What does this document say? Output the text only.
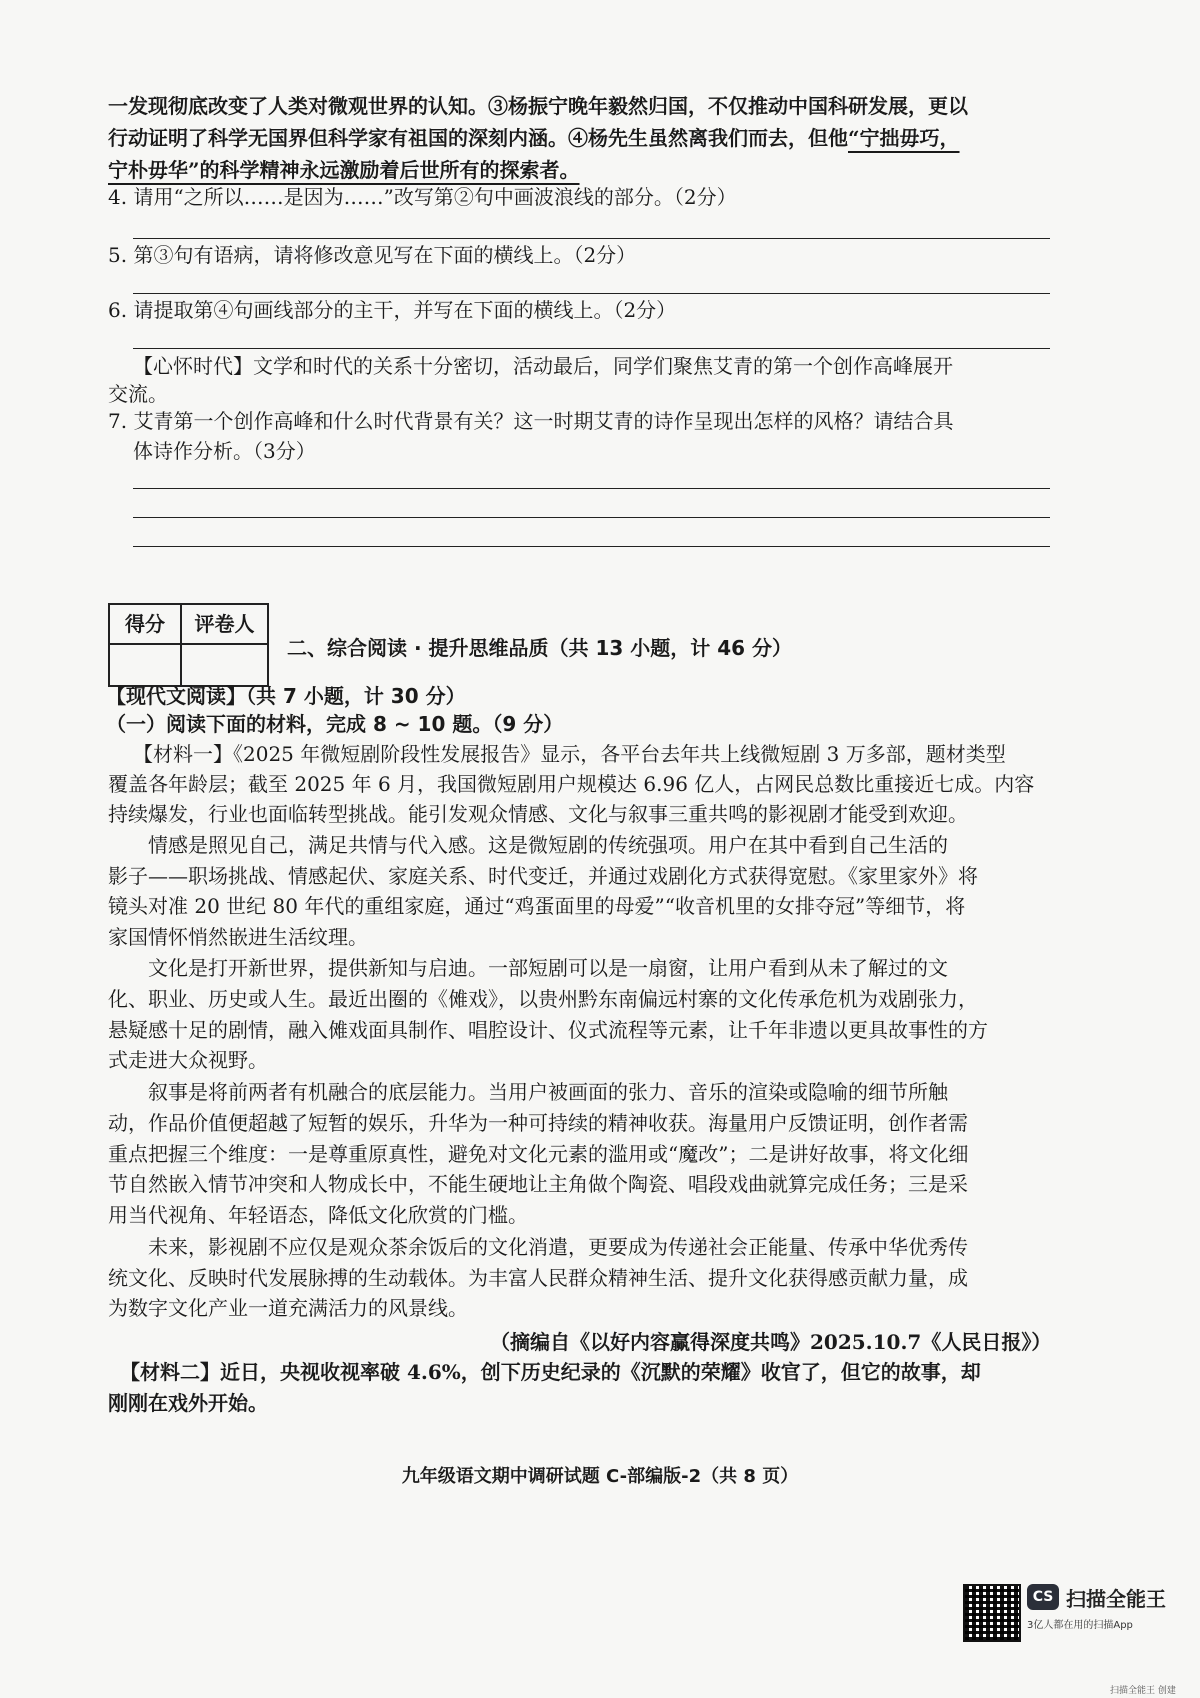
一发现彻底改变了人类对微观世界的认知。③杨振宁晚年毅然归国，不仅推动中国科研发展，更以
行动证明了科学无国界但科学家有祖国的深刻内涵。④杨先生虽然离我们而去，但他“宁拙毋巧，
宁朴毋华”的科学精神永远激励着后世所有的探索者。
4. 请用“之所以……是因为……”改写第②句中画波浪线的部分。（2分）
5. 第③句有语病，请将修改意见写在下面的横线上。（2分）
6. 请提取第④句画线部分的主干，并写在下面的横线上。（2分）
【心怀时代】文学和时代的关系十分密切，活动最后，同学们聚焦艾青的第一个创作高峰展开
交流。
7. 艾青第一个创作高峰和什么时代背景有关？这一时期艾青的诗作呈现出怎样的风格？请结合具
体诗作分析。（3分）
得分	评卷人
二、综合阅读 · 提升思维品质（共 13 小题，计 46 分）
【现代文阅读】（共 7 小题，计 30 分）
（一）阅读下面的材料，完成 8 ~ 10 题。（9 分）
【材料一】《2025 年微短剧阶段性发展报告》显示，各平台去年共上线微短剧 3 万多部，题材类型
覆盖各年龄层；截至 2025 年 6 月，我国微短剧用户规模达 6.96 亿人，占网民总数比重接近七成。内容
持续爆发，行业也面临转型挑战。能引发观众情感、文化与叙事三重共鸣的影视剧才能受到欢迎。
情感是照见自己，满足共情与代入感。这是微短剧的传统强项。用户在其中看到自己生活的
影子——职场挑战、情感起伏、家庭关系、时代变迁，并通过戏剧化方式获得宽慰。《家里家外》将
镜头对准 20 世纪 80 年代的重组家庭，通过“鸡蛋面里的母爱”“收音机里的女排夺冠”等细节，将
家国情怀悄然嵌进生活纹理。
文化是打开新世界，提供新知与启迪。一部短剧可以是一扇窗，让用户看到从未了解过的文
化、职业、历史或人生。最近出圈的《傩戏》，以贵州黔东南偏远村寨的文化传承危机为戏剧张力，
悬疑感十足的剧情，融入傩戏面具制作、唱腔设计、仪式流程等元素，让千年非遗以更具故事性的方
式走进大众视野。
叙事是将前两者有机融合的底层能力。当用户被画面的张力、音乐的渲染或隐喻的细节所触
动，作品价值便超越了短暂的娱乐，升华为一种可持续的精神收获。海量用户反馈证明，创作者需
重点把握三个维度：一是尊重原真性，避免对文化元素的滥用或“魔改”；二是讲好故事，将文化细
节自然嵌入情节冲突和人物成长中，不能生硬地让主角做个陶瓷、唱段戏曲就算完成任务；三是采
用当代视角、年轻语态，降低文化欣赏的门槛。
未来，影视剧不应仅是观众茶余饭后的文化消遣，更要成为传递社会正能量、传承中华优秀传
统文化、反映时代发展脉搏的生动载体。为丰富人民群众精神生活、提升文化获得感贡献力量，成
为数字文化产业一道充满活力的风景线。
（摘编自《以好内容赢得深度共鸣》2025.10.7《人民日报》）
【材料二】近日，央视收视率破 4.6%，创下历史纪录的《沉默的荣耀》收官了，但它的故事，却
刚刚在戏外开始。
九年级语文期中调研试题 C-部编版-2（共 8 页）
CS 扫描全能王
3亿人都在用的扫描App
扫描全能王 创建
